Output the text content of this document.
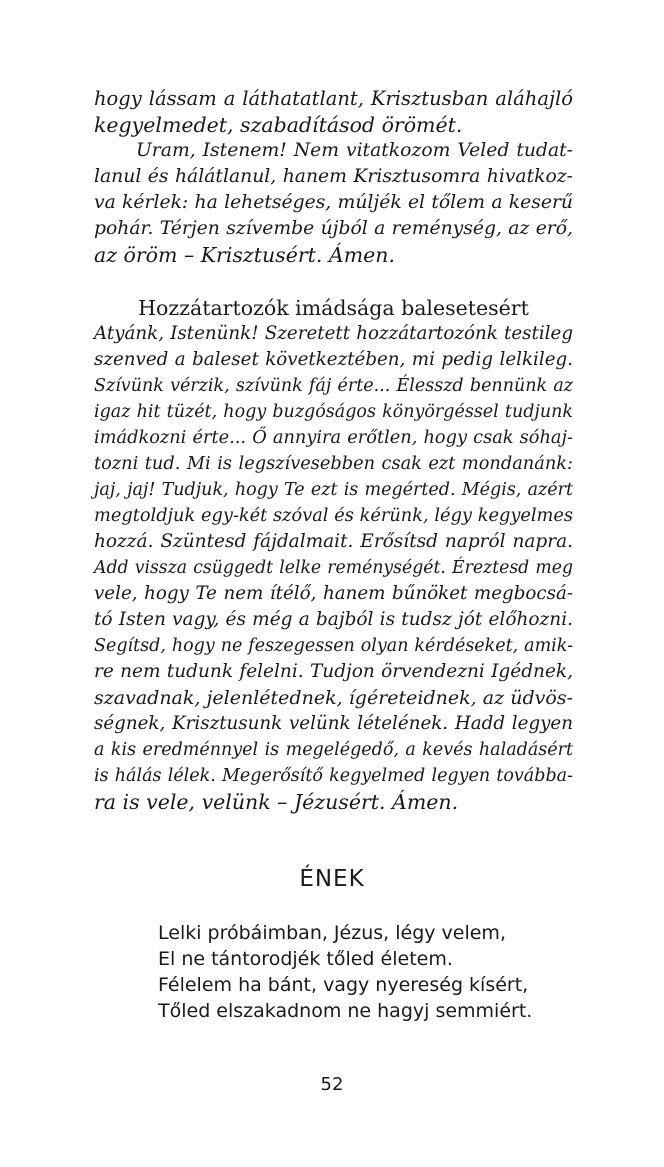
hogy lássam a láthatatlant, Krisztusban aláhajló
kegyelmedet, szabadításod örömét.
Uram, Istenem! Nem vitatkozom Veled tudat-
lanul és hálátlanul, hanem Krisztusomra hivatkoz-
va kérlek: ha lehetséges, múljék el tőlem a keserű
pohár. Térjen szívembe újból a reménység, az erő,
az öröm – Krisztusért. Ámen.
Hozzátartozók imádsága balesetesért
Atyánk, Istenünk! Szeretett hozzátartozónk testileg
szenved a baleset következtében, mi pedig lelkileg.
Szívünk vérzik, szívünk fáj érte... Élesszd bennünk az
igaz hit tüzét, hogy buzgóságos könyörgéssel tudjunk
imádkozni érte... Ő annyira erőtlen, hogy csak sóhaj-
tozni tud. Mi is legszívesebben csak ezt mondanánk:
jaj, jaj! Tudjuk, hogy Te ezt is megérted. Mégis, azért
megtoldjuk egy-két szóval és kérünk, légy kegyelmes
hozzá. Szüntesd fájdalmait. Erősítsd napról napra.
Add vissza csüggedt lelke reménységét. Éreztesd meg
vele, hogy Te nem ítélő, hanem bűnöket megbocsá-
tó Isten vagy, és még a bajból is tudsz jót előhozni.
Segítsd, hogy ne feszegessen olyan kérdéseket, amik-
re nem tudunk felelni. Tudjon örvendezni Igédnek,
szavadnak, jelenlétednek, ígéreteidnek, az üdvös-
ségnek, Krisztusunk velünk lételének. Hadd legyen
a kis eredménnyel is megelégedő, a kevés haladásért
is hálás lélek. Megerősítő kegyelmed legyen továbba-
ra is vele, velünk – Jézusért. Ámen.
ÉNEK
Lelki próbáimban, Jézus, légy velem,
El ne tántorodjék tőled életem.
Félelem ha bánt, vagy nyereség kísért,
Tőled elszakadnom ne hagyj semmiért.
52
